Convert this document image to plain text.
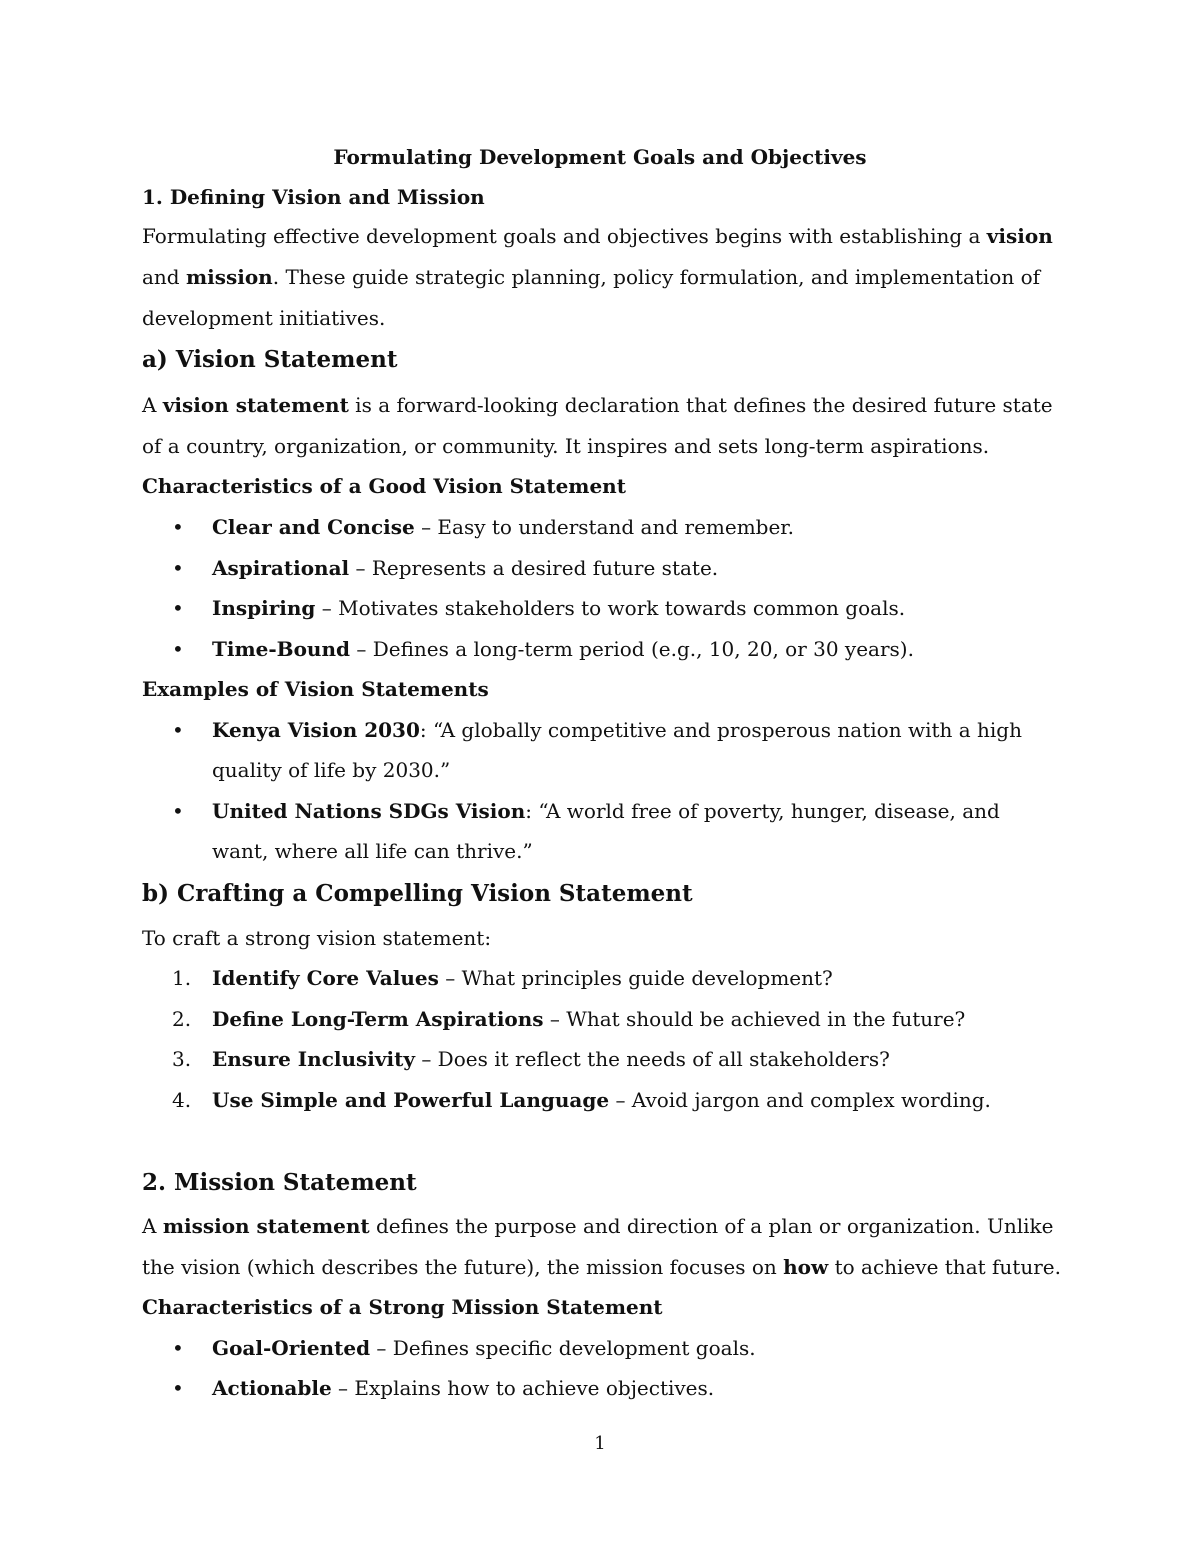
Formulating Development Goals and Objectives
1. Defining Vision and Mission
Formulating effective development goals and objectives begins with establishing a vision and mission. These guide strategic planning, policy formulation, and implementation of development initiatives.
a) Vision Statement
A vision statement is a forward-looking declaration that defines the desired future state of a country, organization, or community. It inspires and sets long-term aspirations.
Characteristics of a Good Vision Statement
•	Clear and Concise – Easy to understand and remember.
•	Aspirational – Represents a desired future state.
•	Inspiring – Motivates stakeholders to work towards common goals.
•	Time-Bound – Defines a long-term period (e.g., 10, 20, or 30 years).
Examples of Vision Statements
•	Kenya Vision 2030: “A globally competitive and prosperous nation with a high quality of life by 2030.”
•	United Nations SDGs Vision: “A world free of poverty, hunger, disease, and want, where all life can thrive.”
b) Crafting a Compelling Vision Statement
To craft a strong vision statement:
1.	Identify Core Values – What principles guide development?
2.	Define Long-Term Aspirations – What should be achieved in the future?
3.	Ensure Inclusivity – Does it reflect the needs of all stakeholders?
4.	Use Simple and Powerful Language – Avoid jargon and complex wording.
2. Mission Statement
A mission statement defines the purpose and direction of a plan or organization. Unlike the vision (which describes the future), the mission focuses on how to achieve that future.
Characteristics of a Strong Mission Statement
•	Goal-Oriented – Defines specific development goals.
•	Actionable – Explains how to achieve objectives.
1
